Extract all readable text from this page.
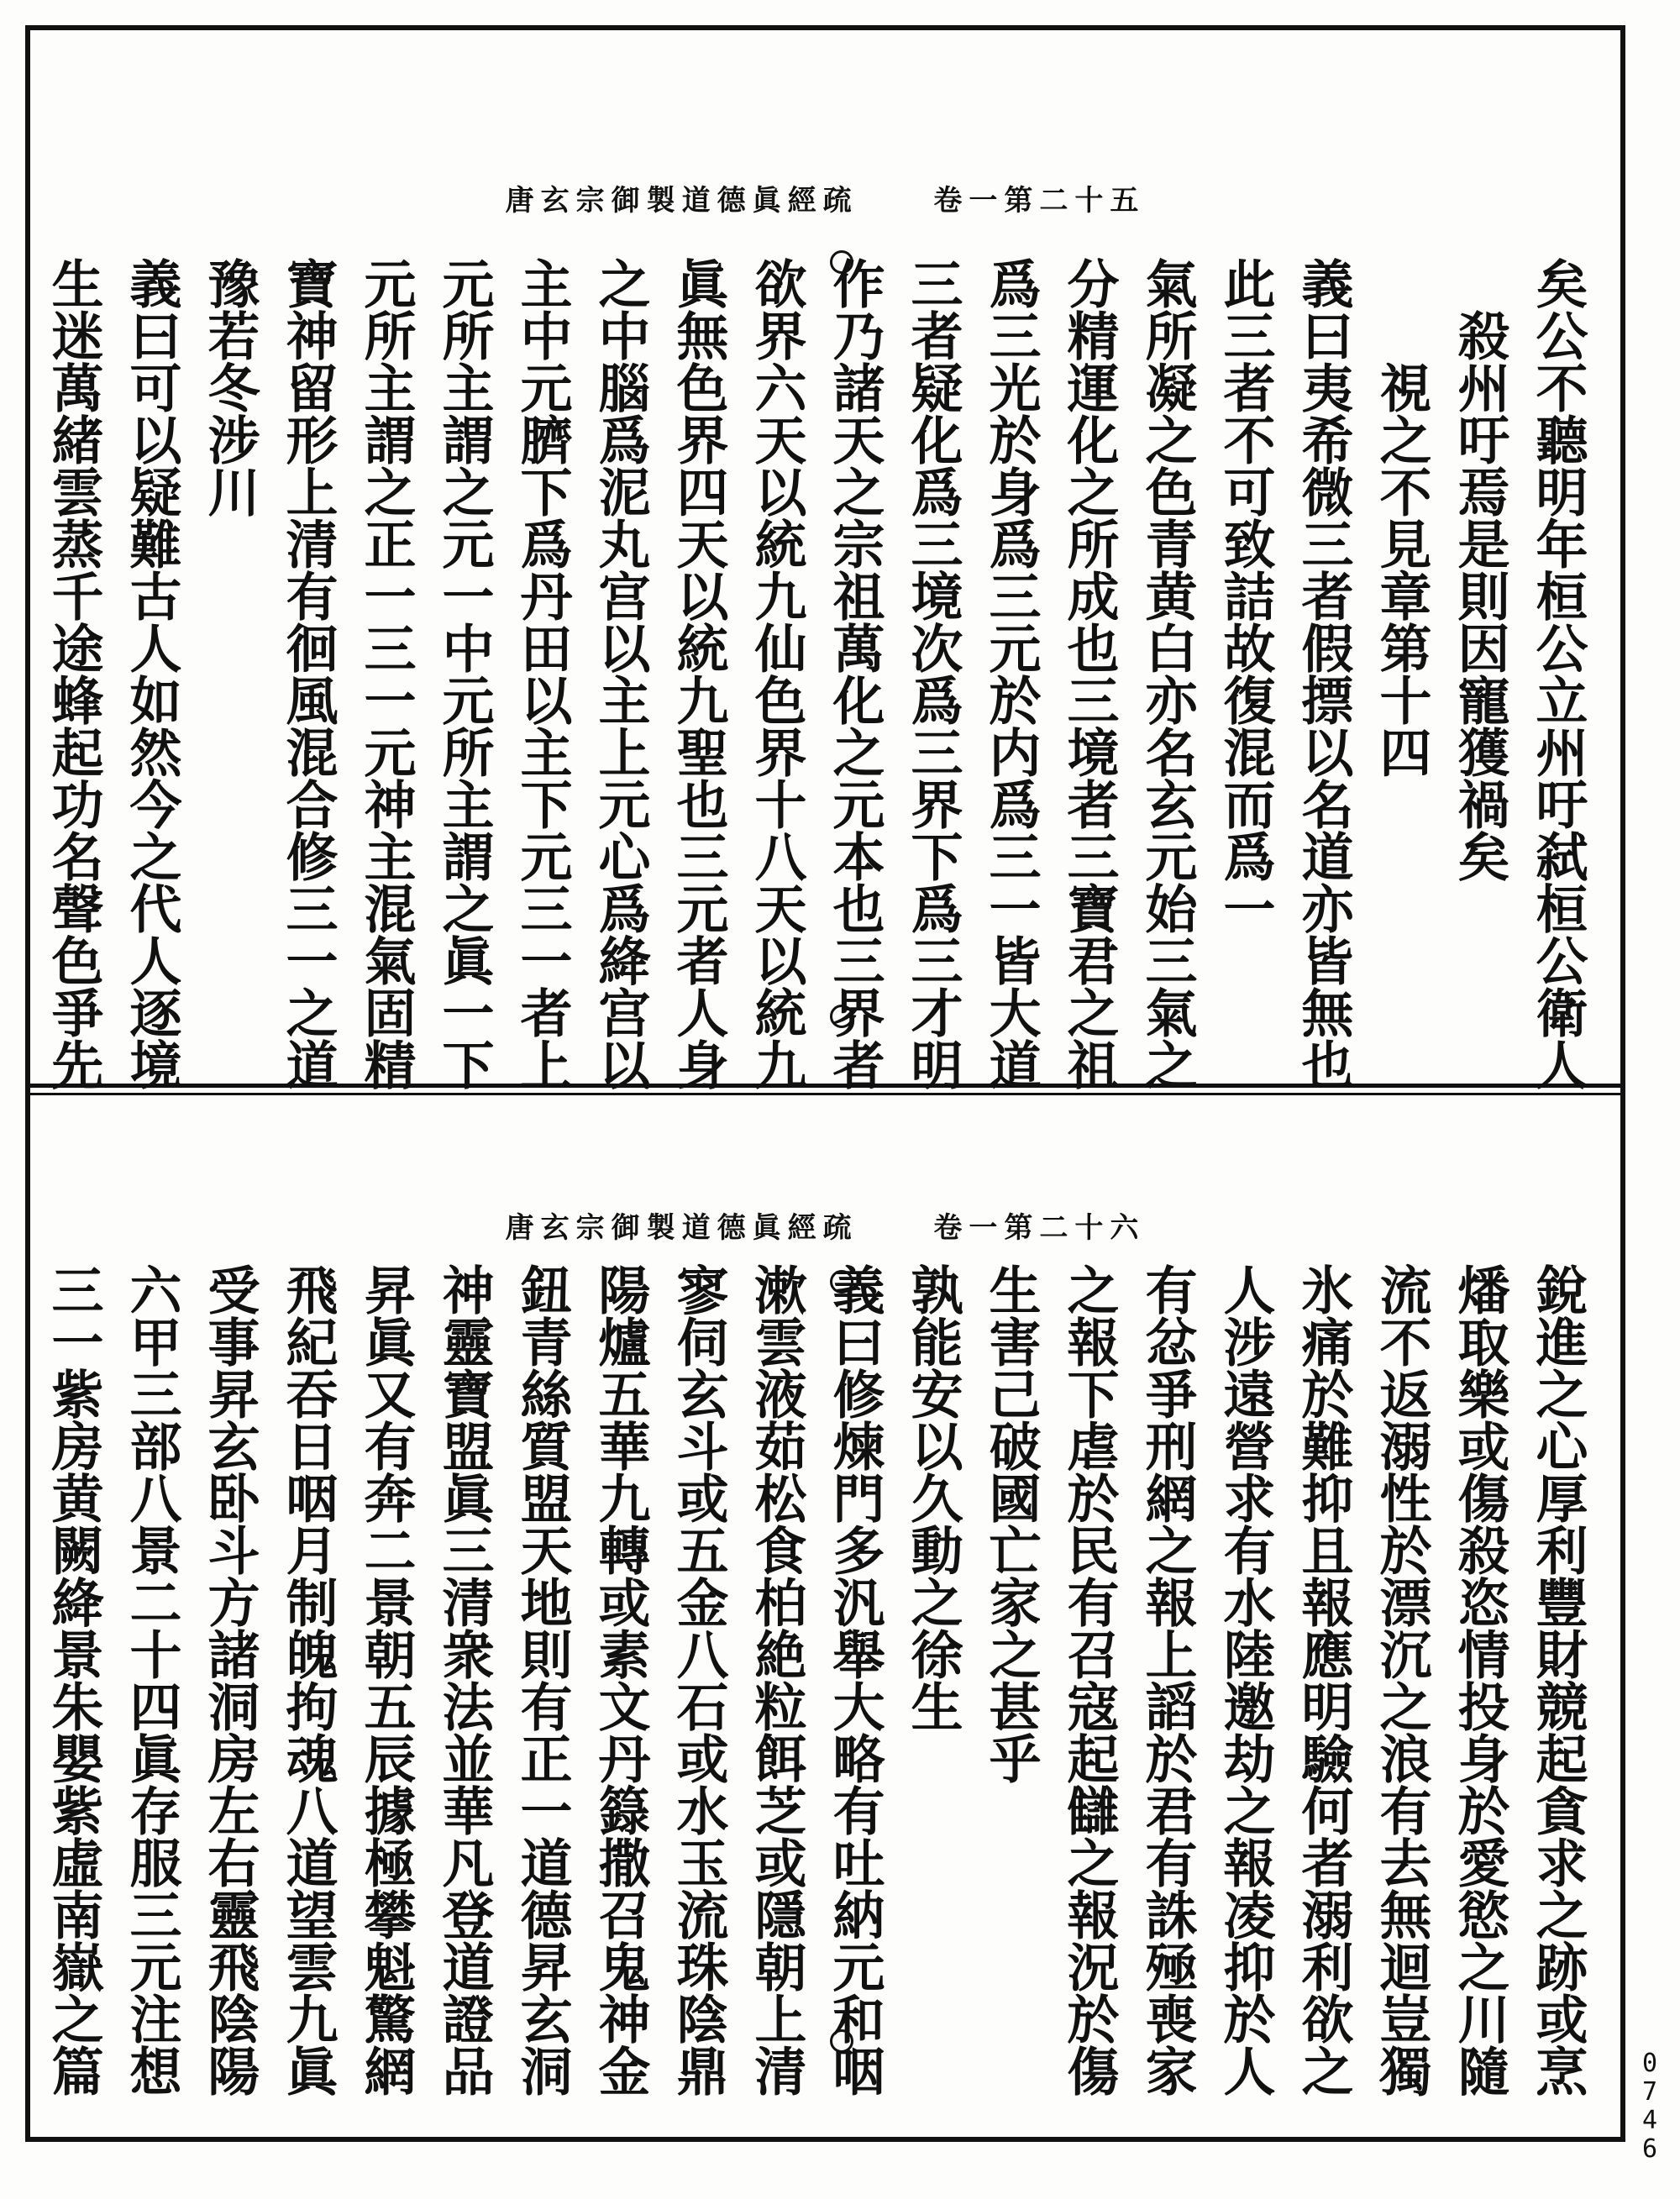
唐玄宗御製道德眞經疏	卷一第二十五
矣公不聽明年桓公立州吁弑桓公衛人
殺州吁焉是則因寵獲禍矣
視之不見章第十四
義曰夷希微三者假摽以名道亦皆無也
此三者不可致詰故復混而爲一
氣所凝之色青黄白亦名玄元始三氣之
分精運化之所成也三境者三寶君之祖
爲三光於身爲三元於内爲三一皆大道
三者疑化爲三境次爲三界下爲三才明
作乃諸天之宗祖萬化之元本也三界者
欲界六天以統九仙色界十八天以統九
眞無色界四天以統九聖也三元者人身
之中腦爲泥丸宫以主上元心爲絳宫以
主中元臍下爲丹田以主下元三一者上
元所主謂之元一中元所主謂之眞一下
元所主謂之正一三一元神主混氣固精
寶神留形上清有徊風混合修三一之道
豫若冬涉川
義曰可以疑難古人如然今之代人逐境
生迷萬緒雲蒸千途蜂起功名聲色爭先
唐玄宗御製道德眞經疏	卷一第二十六
銳進之心厚利豐財競起貪求之跡或烹
燔取樂或傷殺恣情投身於愛慾之川隨
流不返溺性於漂沉之浪有去無迴豈獨
氷痛於難抑且報應明驗何者溺利欲之
人涉遠營求有水陸邀劫之報凌抑於人
有忿爭刑網之報上謟於君有誅殛喪家
之報下虐於民有召寇起讎之報況於傷
生害己破國亡家之甚乎
孰能安以久動之徐生
義曰修煉門多汎舉大略有吐納元和咽
漱雲液茹松食柏絶粒餌芝或隱朝上清
寥伺玄斗或五金八石或水玉流珠陰鼎
陽爐五華九轉或素文丹籙撒召鬼神金
鈕青絲質盟天地則有正一道德昇玄洞
神靈寶盟眞三清衆法並華凡登道證品
昇眞又有奔二景朝五辰據極攀魁驚網
飛紀吞日咽月制魄拘魂八道望雲九眞
受事昇玄卧斗方諸洞房左右靈飛陰陽
六甲三部八景二十四眞存服三元注想
三一紫房黄闕絳景朱嬰紫虛南嶽之篇	0
7
4
6
